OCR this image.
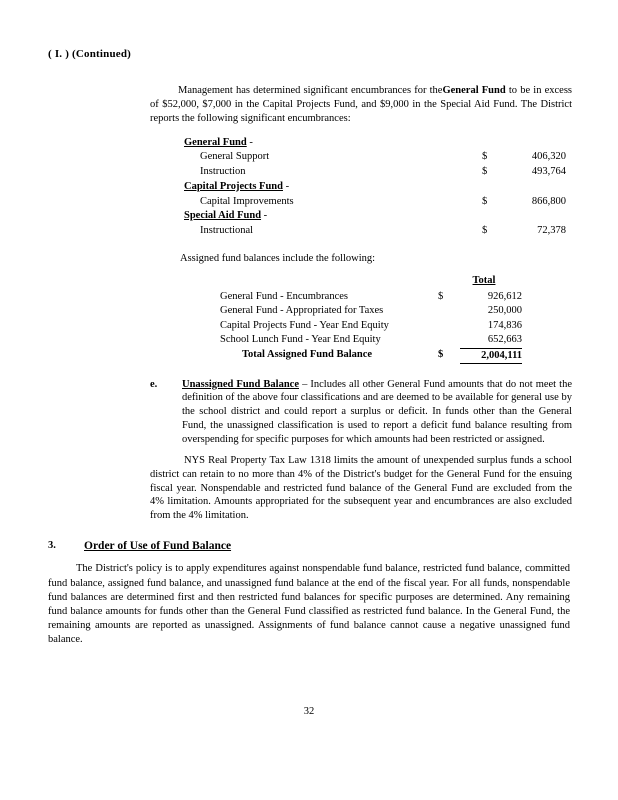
( I. ) (Continued)

Management has determined significant encumbrances for theGeneral Fund to be in excess of $52,000, $7,000 in the Capital Projects Fund, and $9,000 in the Special Aid Fund. The District reports the following significant encumbrances:

General Fund -
General Support	$	406,320
Instruction	$	493,764
Capital Projects Fund -
Capital Improvements	$	866,800
Special Aid Fund -
Instructional	$	72,378
Assigned fund balances include the following:
Total
General Fund - Encumbrances	$	926,612
General Fund - Appropriated for Taxes	250,000
Capital Projects Fund - Year End Equity	174,836
School Lunch Fund - Year End Equity	652,663
Total Assigned Fund Balance	$	2,004,111
e.	Unassigned Fund Balance – Includes all other General Fund amounts that do not meet the definition of the above four classifications and are deemed to be available for general use by the school district and could report a surplus or deficit. In funds other than the General Fund, the unassigned classification is used to report a deficit fund balance resulting from overspending for specific purposes for which amounts had been restricted or assigned.

NYS Real Property Tax Law 1318 limits the amount of unexpended surplus funds a school district can retain to no more than 4% of the District's budget for the General Fund for the ensuing fiscal year. Nonspendable and restricted fund balance of the General Fund are excluded from the 4% limitation. Amounts appropriated for the subsequent year and encumbrances are also excluded from the 4% limitation.

3.	Order of Use of Fund Balance

The District's policy is to apply expenditures against nonspendable fund balance, restricted fund balance, committed fund balance, assigned fund balance, and unassigned fund balance at the end of the fiscal year. For all funds, nonspendable fund balances are determined first and then restricted fund balances for specific purposes are determined. Any remaining fund balance amounts for funds other than the General Fund classified as restricted fund balance. In the General Fund, the remaining amounts are reported as unassigned. Assignments of fund balance cannot cause a negative unassigned fund balance.

32
